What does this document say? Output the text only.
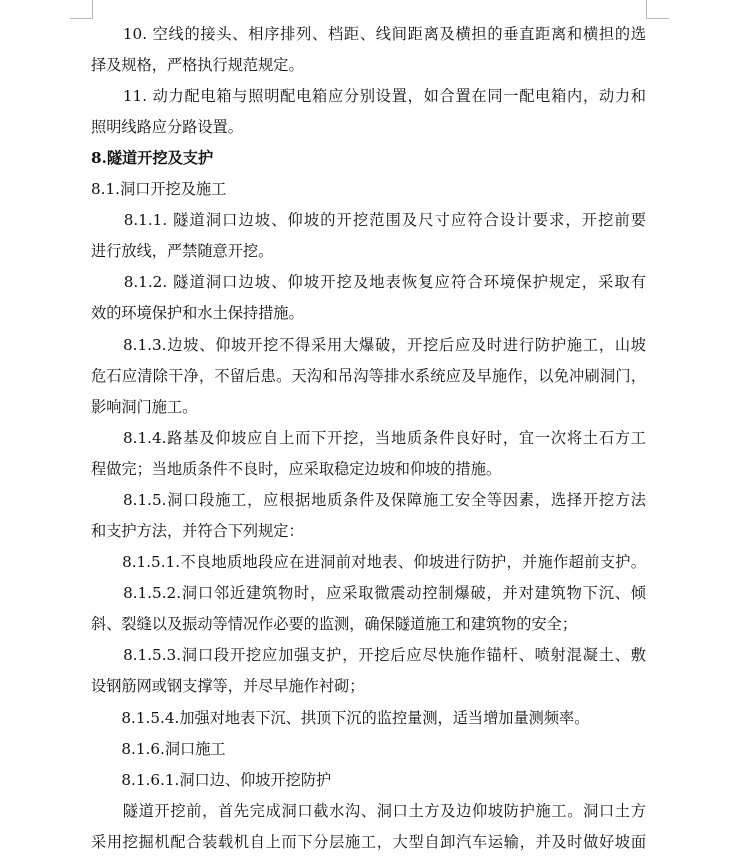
　　10. 空线的接头、相序排列、档距、线间距离及横担的垂直距离和横担的选
择及规格，严格执行规范规定。
　　11. 动力配电箱与照明配电箱应分别设置，如合置在同一配电箱内，动力和
照明线路应分路设置。
8.隧道开挖及支护
8.1.洞口开挖及施工
　　8.1.1. 隧道洞口边坡、仰坡的开挖范围及尺寸应符合设计要求，开挖前要
进行放线，严禁随意开挖。
　　8.1.2. 隧道洞口边坡、仰坡开挖及地表恢复应符合环境保护规定，采取有
效的环境保护和水土保持措施。
　　8.1.3.边坡、仰坡开挖不得采用大爆破，开挖后应及时进行防护施工，山坡
危石应清除干净，不留后患。天沟和吊沟等排水系统应及早施作，以免冲刷洞门，
影响洞门施工。
　　8.1.4.路基及仰坡应自上而下开挖，当地质条件良好时，宜一次将土石方工
程做完；当地质条件不良时，应采取稳定边坡和仰坡的措施。
　　8.1.5.洞口段施工，应根据地质条件及保障施工安全等因素，选择开挖方法
和支护方法，并符合下列规定：
　　8.1.5.1.不良地质地段应在进洞前对地表、仰坡进行防护，并施作超前支护。
　　8.1.5.2.洞口邻近建筑物时，应采取微震动控制爆破，并对建筑物下沉、倾
斜、裂缝以及振动等情况作必要的监测，确保隧道施工和建筑物的安全；
　　8.1.5.3.洞口段开挖应加强支护，开挖后应尽快施作锚杆、喷射混凝土、敷
设钢筋网或钢支撑等，并尽早施作衬砌；
　　8.1.5.4.加强对地表下沉、拱顶下沉的监控量测，适当增加量测频率。
　　8.1.6.洞口施工
　　8.1.6.1.洞口边、仰坡开挖防护
　　隧道开挖前，首先完成洞口截水沟、洞口土方及边仰坡防护施工。洞口土方
采用挖掘机配合装载机自上而下分层施工，大型自卸汽车运输，并及时做好坡面
